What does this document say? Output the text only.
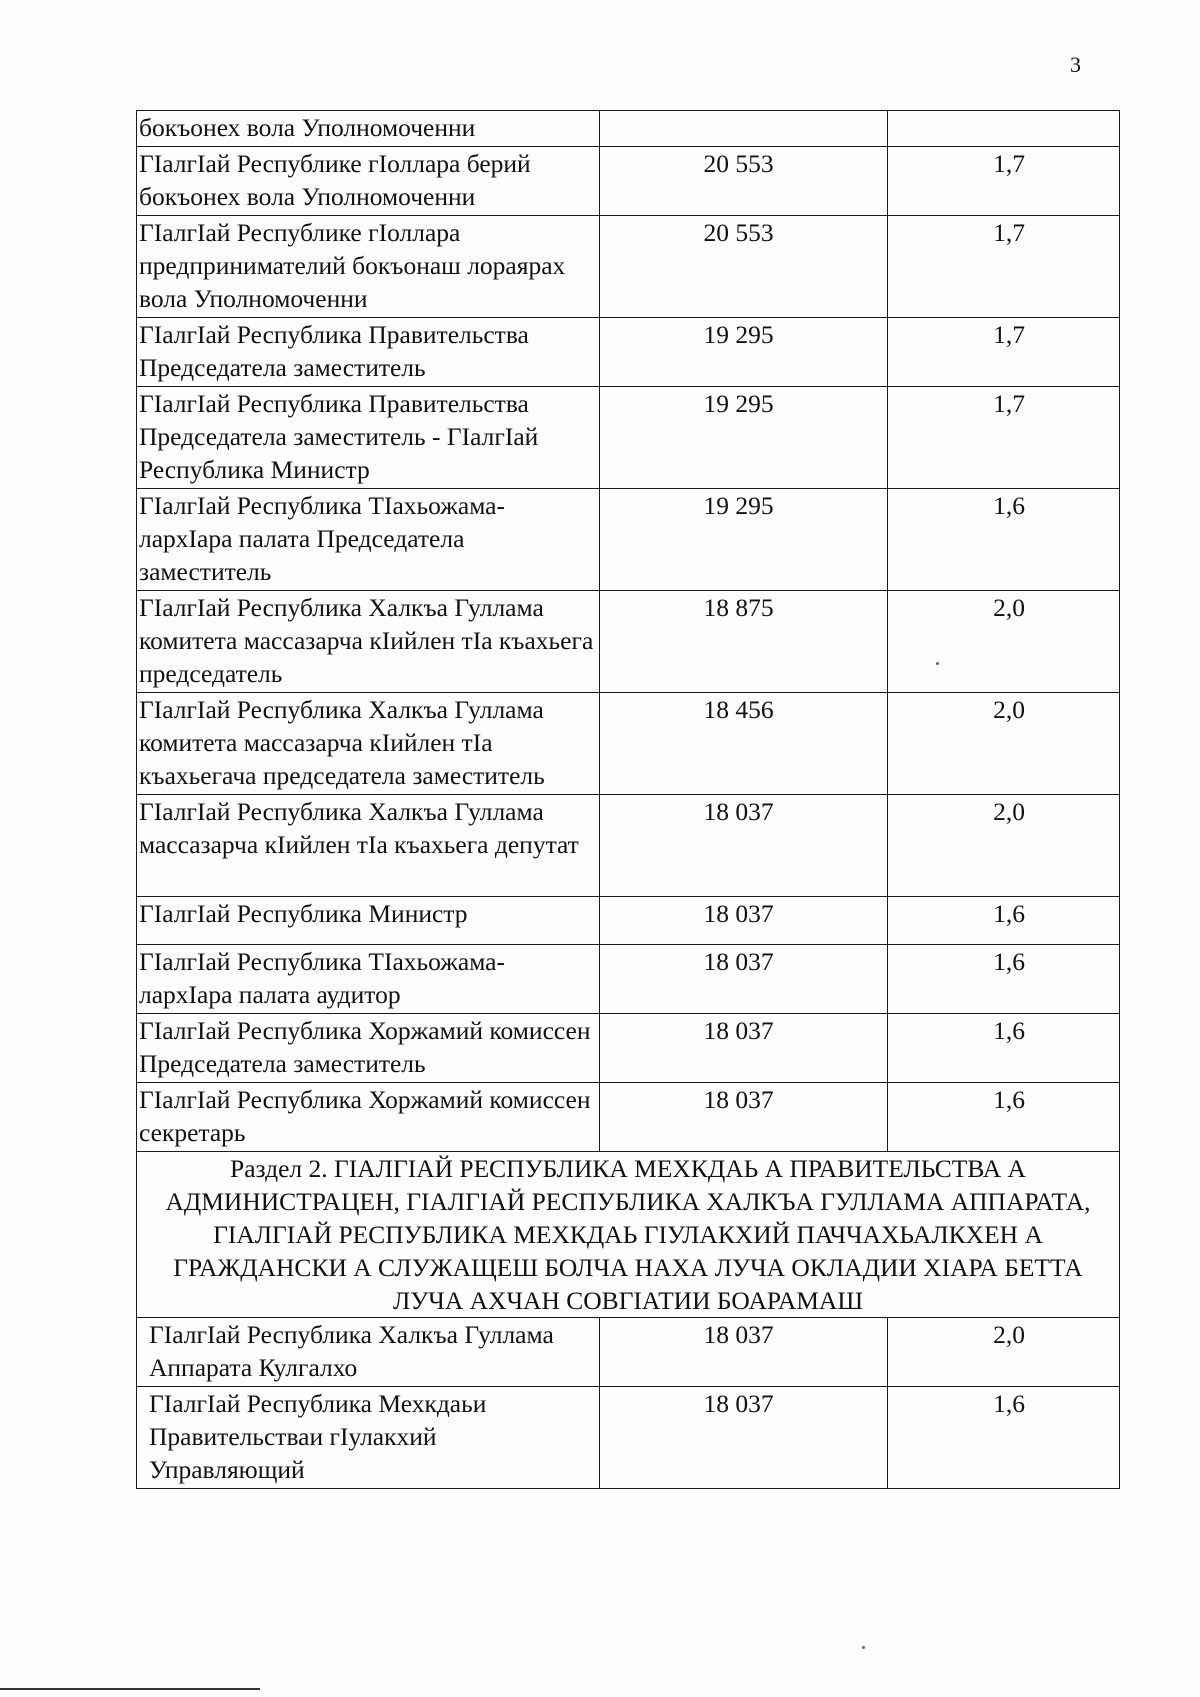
3
бокъонех вола Уполномоченни		
ГІалгІай Республике гІоллара берий бокъонех вола Уполномоченни	20 553	1,7
ГІалгІай Республике гІоллара предпринимателий бокъонаш лораярах вола Уполномоченни	20 553	1,7
ГІалгІай Республика Правительства Председатела заместитель	19 295	1,7
ГІалгІай Республика Правительства Председатела заместитель - ГІалгІай Республика Министр	19 295	1,7
ГІалгІай Республика ТІахьожама-лархІара палата Председатела заместитель	19 295	1,6
ГІалгІай Республика Халкъа Гуллама комитета массазарча кІийлен тІа къахьега председатель	18 875	2,0
ГІалгІай Республика Халкъа Гуллама комитета массазарча кІийлен тІа къахьегача председатела заместитель	18 456	2,0
ГІалгІай Республика Халкъа Гуллама массазарча кІийлен тІа къахьега депутат	18 037	2,0
ГІалгІай Республика Министр	18 037	1,6
ГІалгІай Республика ТІахьожама-лархІара палата аудитор	18 037	1,6
ГІалгІай Республика Хоржамий комиссен Председатела заместитель	18 037	1,6
ГІалгІай Республика Хоржамий комиссен секретарь	18 037	1,6
Раздел 2. ГІАЛГІАЙ РЕСПУБЛИКА МЕХКДАЬ А ПРАВИТЕЛЬСТВА А АДМИНИСТРАЦЕН, ГІАЛГІАЙ РЕСПУБЛИКА ХАЛКЪА ГУЛЛАМА АППАРАТА, ГІАЛГІАЙ РЕСПУБЛИКА МЕХКДАЬ ГІУЛАКХИЙ ПАЧЧАХЬАЛКХЕН А ГРАЖДАНСКИ А СЛУЖАЩЕШ БОЛЧА НАХА ЛУЧА ОКЛАДИИ ХІАРА БЕТТА ЛУЧА АХЧАН СОВГІАТИИ БОАРАМАШ		
ГІалгІай Республика Халкъа Гуллама Аппарата Кулгалхо	18 037	2,0
ГІалгІай Республика Мехкдаьи Правительстваи гІулакхий Управляющий	18 037	1,6
